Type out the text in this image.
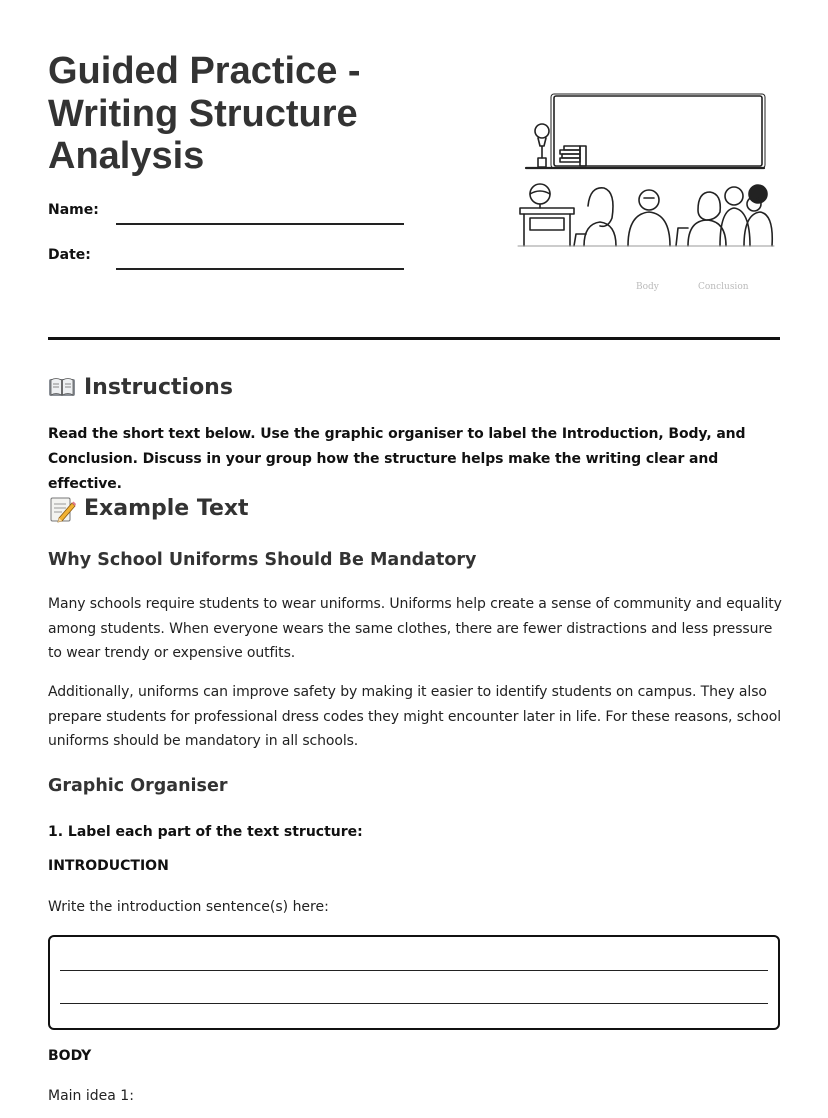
Guided Practice - Writing Structure Analysis
Name:
Date:
Body	Conclusion
Instructions

Read the short text below. Use the graphic organiser to label the Introduction, Body, and Conclusion. Discuss in your group how the structure helps make the writing clear and effective.

Example Text
Why School Uniforms Should Be Mandatory

Many schools require students to wear uniforms. Uniforms help create a sense of community and equality among students. When everyone wears the same clothes, there are fewer distractions and less pressure to wear trendy or expensive outfits.

Additionally, uniforms can improve safety by making it easier to identify students on campus. They also prepare students for professional dress codes they might encounter later in life. For these reasons, school uniforms should be mandatory in all schools.

Graphic Organiser

1. Label each part of the text structure:

INTRODUCTION

Write the introduction sentence(s) here:

BODY

Main idea 1:
